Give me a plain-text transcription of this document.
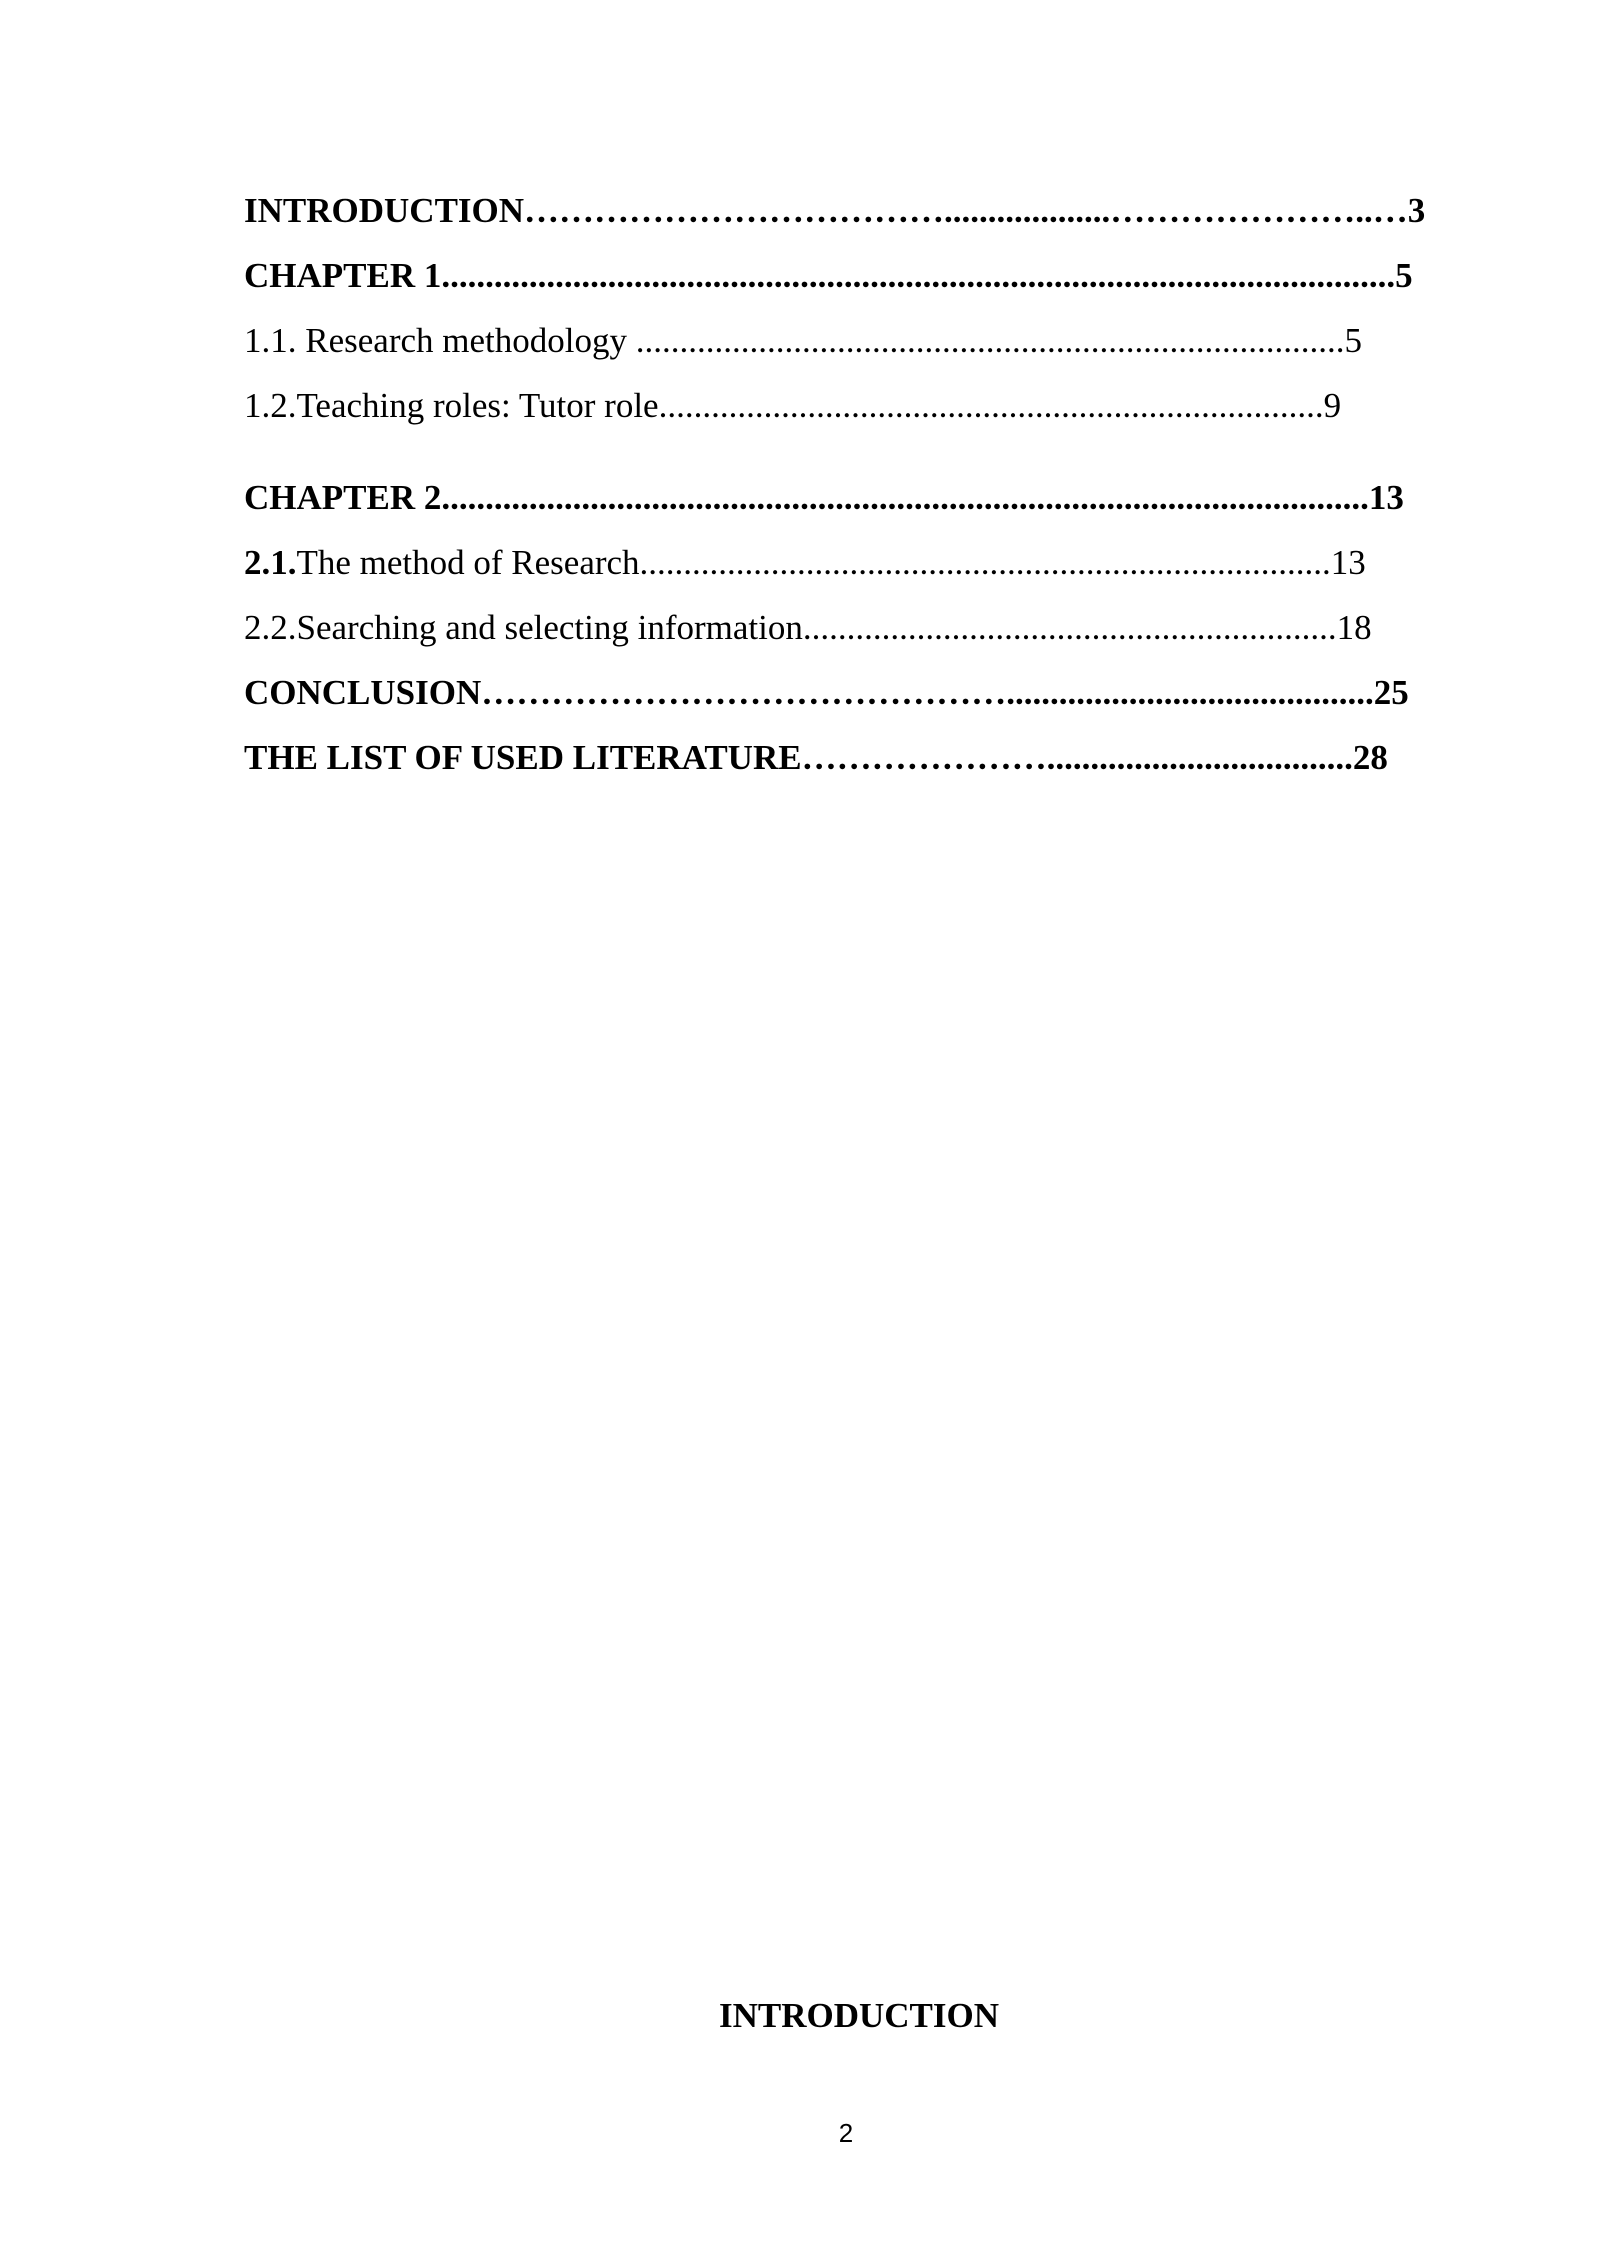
INTRODUCTION………………………………...................…………………..…3
CHAPTER 1.............................................................................................................5
1.1. Research methodology .................................................................................5
1.2.Teaching roles: Tutor role............................................................................9
CHAPTER 2..........................................................................................................13
2.1.The method of Research...............................................................................13
2.2.Searching and selecting information.............................................................18
CONCLUSION………………………………………..........................................25
THE LIST OF USED LITERATURE…………………...................................28
INTRODUCTION
2
